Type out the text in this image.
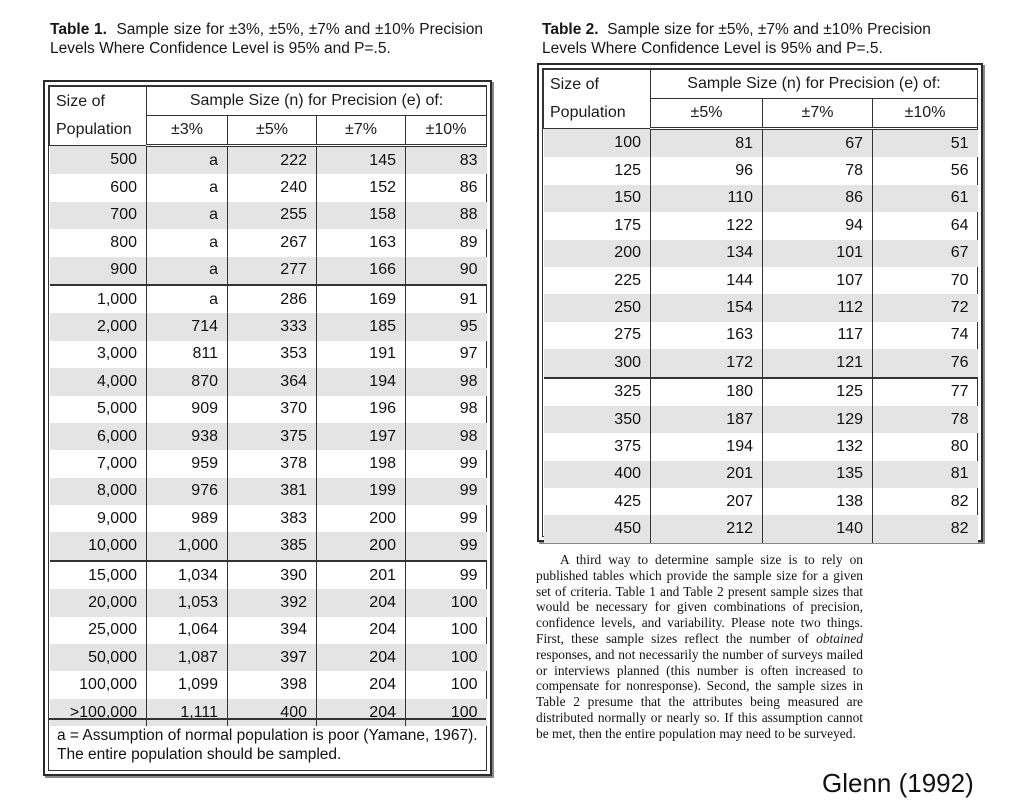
Table 1. Sample size for ±3%, ±5%, ±7% and ±10% Precision Levels Where Confidence Level is 95% and P=.5.
Size of
Population	Sample Size (n) for Precision (e) of:			
	±3%	±5%	±7%	±10%
500	a	222	145	83
600	a	240	152	86
700	a	255	158	88
800	a	267	163	89
900	a	277	166	90
1,000	a	286	169	91
2,000	714	333	185	95
3,000	811	353	191	97
4,000	870	364	194	98
5,000	909	370	196	98
6,000	938	375	197	98
7,000	959	378	198	99
8,000	976	381	199	99
9,000	989	383	200	99
10,000	1,000	385	200	99
15,000	1,034	390	201	99
20,000	1,053	392	204	100
25,000	1,064	394	204	100
50,000	1,087	397	204	100
100,000	1,099	398	204	100
>100,000	1,111	400	204	100
a = Assumption of normal population is poor (Yamane, 1967). The entire population should be sampled.
Table 2. Sample size for ±5%, ±7% and ±10% Precision Levels Where Confidence Level is 95% and P=.5.
Size of
Population	Sample Size (n) for Precision (e) of:		
	±5%	±7%	±10%
100	81	67	51
125	96	78	56
150	110	86	61
175	122	94	64
200	134	101	67
225	144	107	70
250	154	112	72
275	163	117	74
300	172	121	76
325	180	125	77
350	187	129	78
375	194	132	80
400	201	135	81
425	207	138	82
450	212	140	82
A third way to determine sample size is to rely on published tables which provide the sample size for a given set of criteria. Table 1 and Table 2 present sample sizes that would be necessary for given combinations of precision, confidence levels, and variability. Please note two things. First, these sample sizes reflect the number of obtained responses, and not necessarily the number of surveys mailed or interviews planned (this number is often increased to compensate for nonresponse). Second, the sample sizes in Table 2 presume that the attributes being measured are distributed normally or nearly so. If this assumption cannot be met, then the entire population may need to be surveyed.
Glenn (1992)
